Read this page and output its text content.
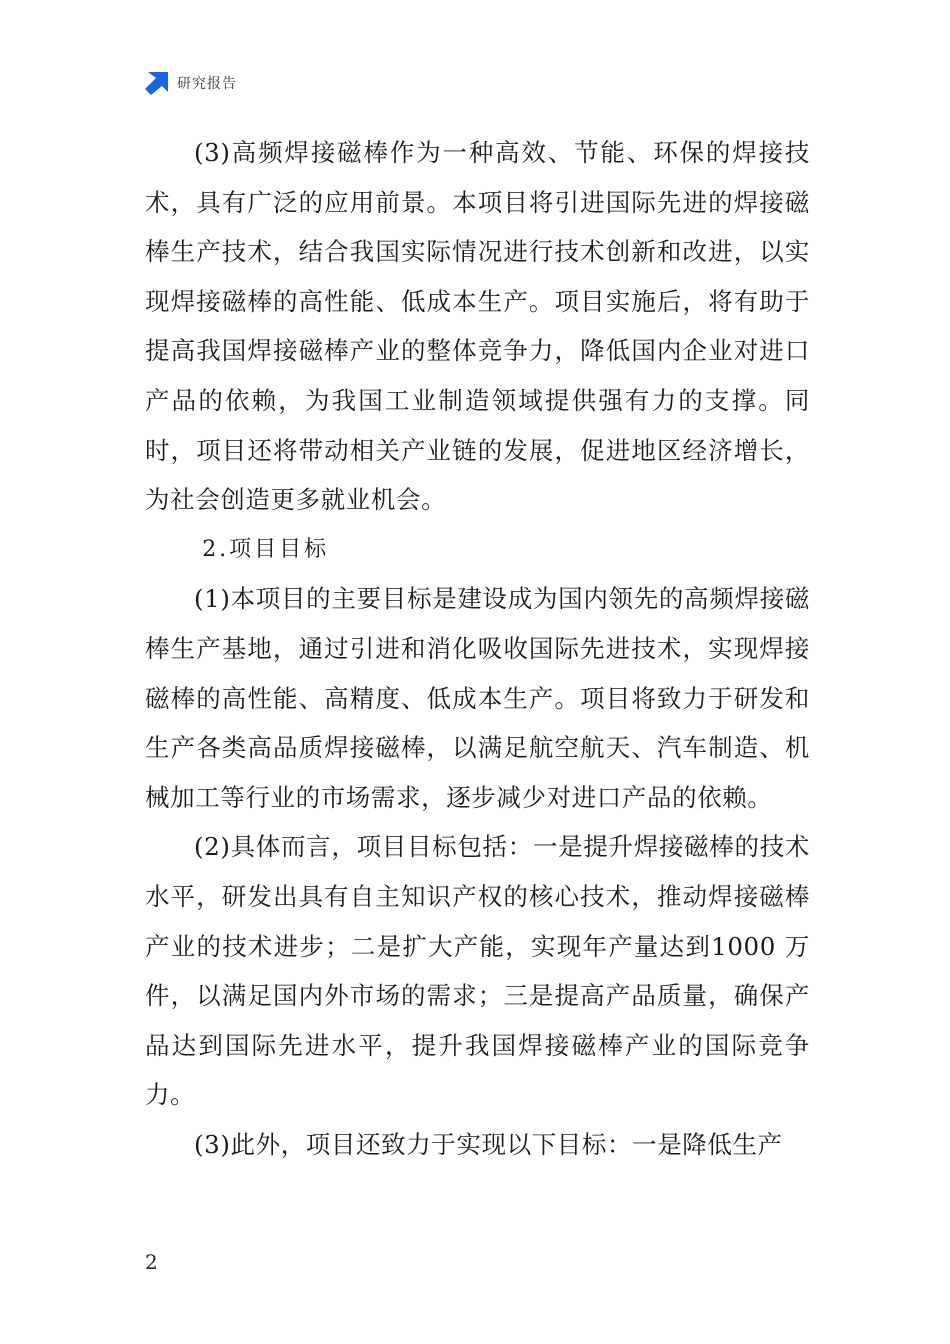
研究报告

(3)高频焊接磁棒作为一种高效、节能、环保的焊接技术，具有广泛的应用前景。本项目将引进国际先进的焊接磁棒生产技术，结合我国实际情况进行技术创新和改进，以实现焊接磁棒的高性能、低成本生产。项目实施后，将有助于提高我国焊接磁棒产业的整体竞争力，降低国内企业对进口产品的依赖，为我国工业制造领域提供强有力的支撑。同时，项目还将带动相关产业链的发展，促进地区经济增长，为社会创造更多就业机会。

2.项目目标

(1)本项目的主要目标是建设成为国内领先的高频焊接磁棒生产基地，通过引进和消化吸收国际先进技术，实现焊接磁棒的高性能、高精度、低成本生产。项目将致力于研发和生产各类高品质焊接磁棒，以满足航空航天、汽车制造、机械加工等行业的市场需求，逐步减少对进口产品的依赖。

(2)具体而言，项目目标包括：一是提升焊接磁棒的技术水平，研发出具有自主知识产权的核心技术，推动焊接磁棒产业的技术进步；二是扩大产能，实现年产量达到1000 万件，以满足国内外市场的需求；三是提高产品质量，确保产品达到国际先进水平，提升我国焊接磁棒产业的国际竞争力。

(3)此外，项目还致力于实现以下目标：一是降低生产

2
